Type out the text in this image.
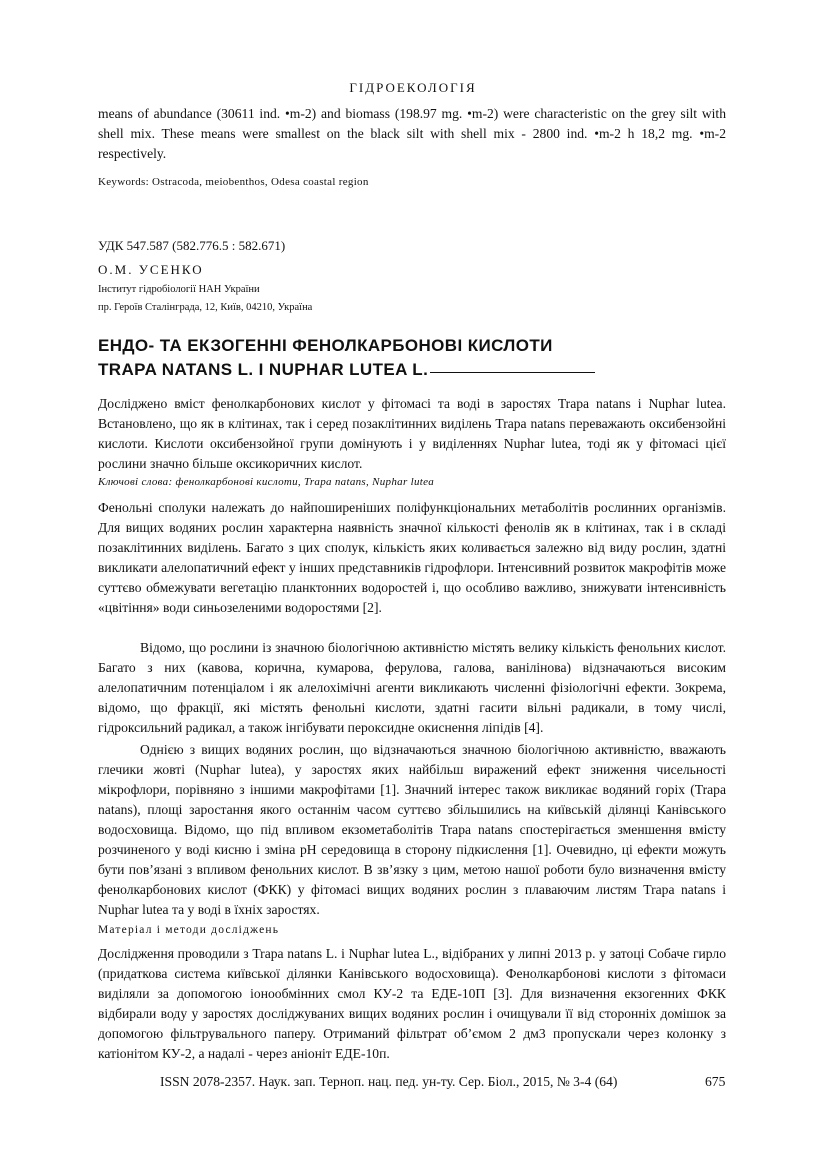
ГІДРОЕКОЛОГІЯ
means of abundance (30611 ind. •m-2) and biomass (198.97 mg. •m-2) were characteristic on the grey silt with shell mix. These means were smallest on the black silt with shell mix - 2800 ind. •m-2 h 18,2 mg. •m-2 respectively.
Keywords: Ostracoda, meiobenthos, Odesa coastal region
УДК 547.587 (582.776.5 : 582.671)
О.М. УСЕНКО
Інститут гідробіології НАН України
пр. Героїв Сталінграда, 12, Київ, 04210, Україна
ЕНДО- ТА ЕКЗОГЕННІ ФЕНОЛКАРБОНОВІ КИСЛОТИ
TRAPA NATANS L. І NUPHAR LUTEA L.
Досліджено вміст фенолкарбонових кислот у фітомасі та воді в заростях Trapa natans і Nuphar lutea. Встановлено, що як в клітинах, так і серед позаклітинних виділень Trapa natans переважають оксибензойні кислоти. Кислоти оксибензойної групи домінують і у виділеннях Nuphar lutea, тоді як у фітомасі цієї рослини значно більше оксикоричних кислот.
Ключові слова: фенолкарбонові кислоти, Trapa natans, Nuphar lutea
Фенольні сполуки належать до найпоширеніших поліфункціональних метаболітів рослинних організмів. Для вищих водяних рослин характерна наявність значної кількості фенолів як в клітинах, так і в складі позаклітинних виділень. Багато з цих сполук, кількість яких коливається залежно від виду рослин, здатні викликати алелопатичний ефект у інших представників гідрофлори. Інтенсивний розвиток макрофітів може суттєво обмежувати вегетацію планктонних водоростей і, що особливо важливо, знижувати інтенсивність «цвітіння» води синьозеленими водоростями [2].
Відомо, що рослини із значною біологічною активністю містять велику кількість фенольних кислот. Багато з них (кавова, коричнa, кумарова, ферулова, галова, ванілінова) відзначаються високим алелопатичним потенціалом і як алелохімічні агенти викликають численні фізіологічні ефекти. Зокрема, відомо, що фракції, які містять фенольні кислоти, здатні гасити вільні радикали, в тому числі, гідроксильний радикал, а також інгібувати пероксидне окиснення ліпідів [4].
Однією з вищих водяних рослин, що відзначаються значною біологічною активністю, вважають глечики жовті (Nuphar lutea), у заростях яких найбільш виражений ефект зниження чисельності мікрофлори, порівняно з іншими макрофітами [1]. Значний інтерес також викликає водяний горіх (Trapa natans), площі заростання якого останнім часом суттєво збільшились на київській ділянці Канівського водосховища. Відомо, що під впливом екзометаболітів Trapa natans спостерігається зменшення вмісту розчиненого у воді кисню і зміна pH середовища в сторону підкислення [1]. Очевидно, ці ефекти можуть бути пов’язані з впливом фенольних кислот. В зв’язку з цим, метою нашої роботи було визначення вмісту фенолкарбонових кислот (ФКК) у фітомасі вищих водяних рослин з плаваючим листям Trapa natans і Nuphar lutea та у воді в їхніх заростях.
Матеріал і методи досліджень
Дослідження проводили з Trapa natans L. і Nuphar lutea L., відібраних у липні 2013 р. у затоці Собаче гирло (придаткова система київської ділянки Канівського водосховища). Фенолкарбонові кислоти з фітомаси виділяли за допомогою іонообмінних смол КУ-2 та ЕДЕ-10П [3]. Для визначення екзогенних ФКК відбирали воду у заростях досліджуваних вищих водяних рослин і очищували її від сторонніх домішок за допомогою фільтрувального паперу. Отриманий фільтрат об’ємом 2 дм3 пропускали через колонку з катіонітом КУ-2, а надалі - через аніоніт ЕДЕ-10п.
ISSN 2078-2357. Наук. зап. Терноп. нац. пед. ун-ту. Сер. Біол., 2015, № 3-4 (64)	675
